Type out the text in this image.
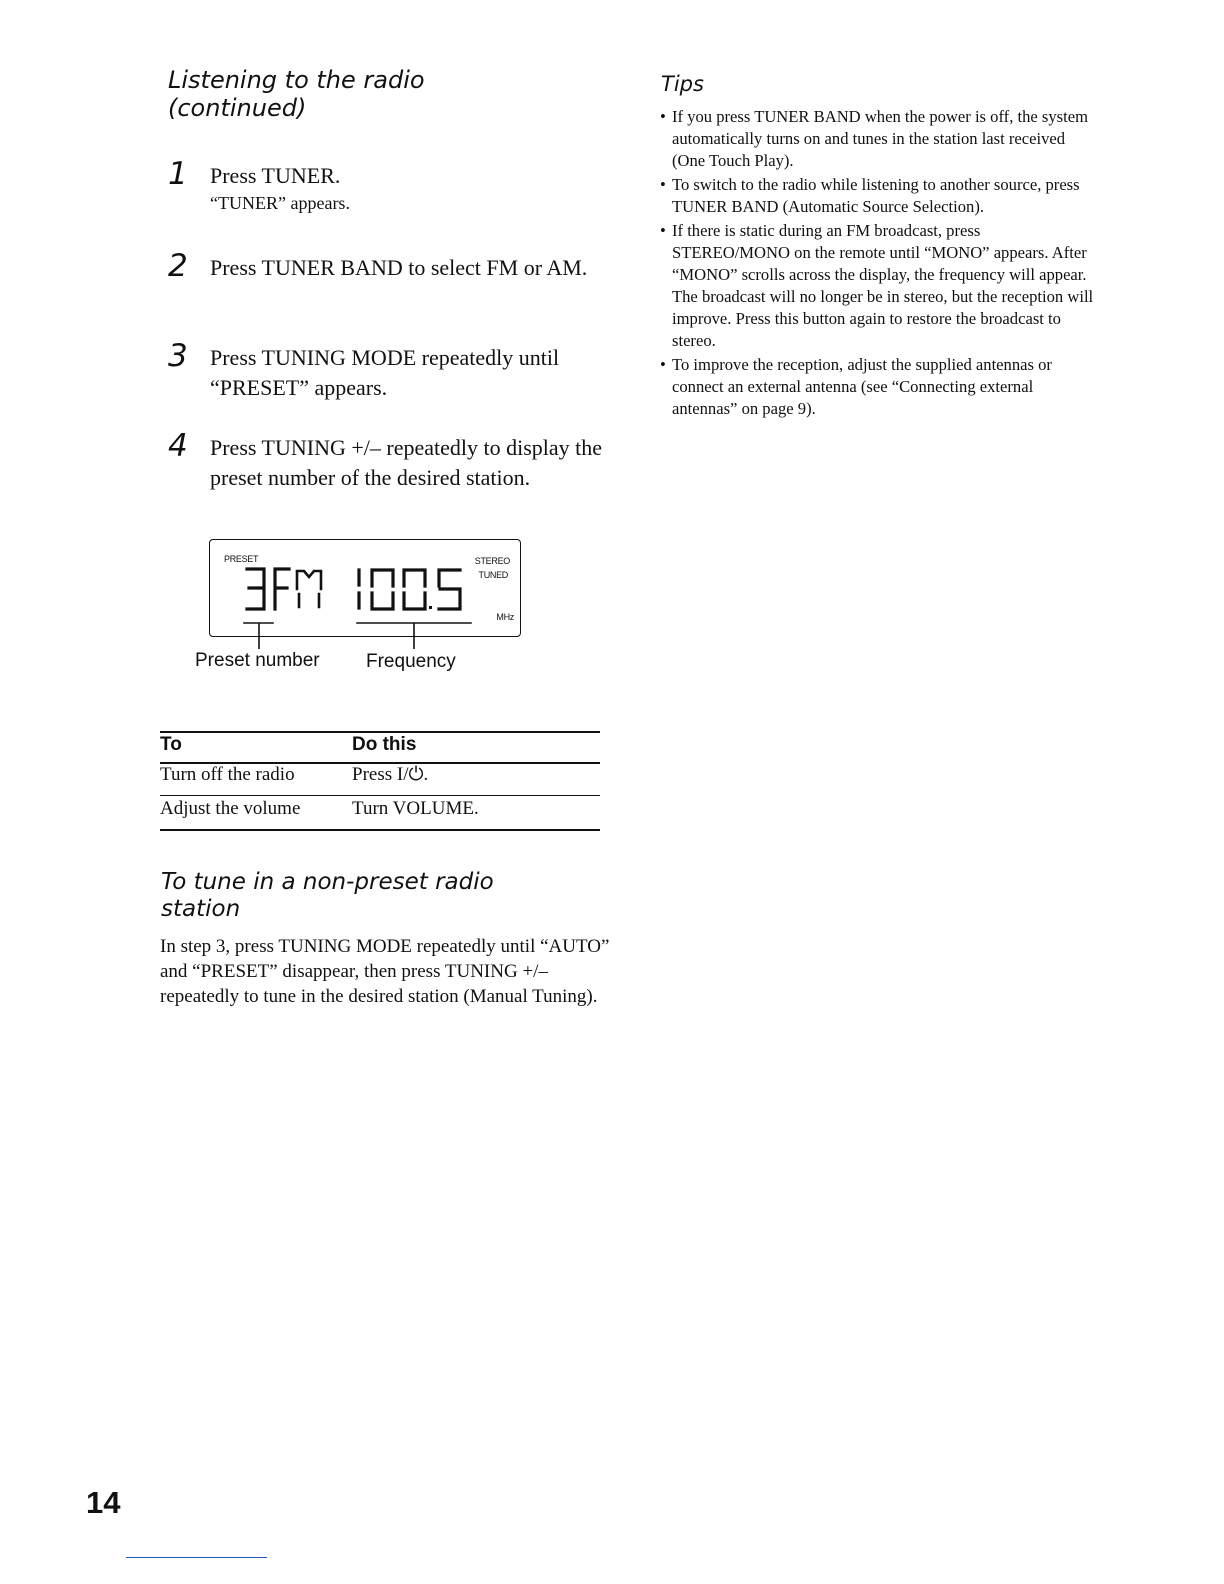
Listening to the radio
(continued)
1 Press TUNER.
“TUNER” appears.
2 Press TUNER BAND to select FM or AM.
3 Press TUNING MODE repeatedly until “PRESET” appears.
4 Press TUNING +/– repeatedly to display the preset number of the desired station.
PRESET	STEREO
TUNED
MHz
Preset number Frequency
To	Do this
Turn off the radio	Press I/⏻.
Adjust the volume	Turn VOLUME.
To tune in a non-preset radio
station

In step 3, press TUNING MODE repeatedly until “AUTO” and “PRESET” disappear, then press TUNING +/– repeatedly to tune in the desired station (Manual Tuning).

Tips
• If you press TUNER BAND when the power is off, the system automatically turns on and tunes in the station last received (One Touch Play).
• To switch to the radio while listening to another source, press TUNER BAND (Automatic Source Selection).
• If there is static during an FM broadcast, press STEREO/MONO on the remote until “MONO” appears. After “MONO” scrolls across the display, the frequency will appear. The broadcast will no longer be in stereo, but the reception will improve. Press this button again to restore the broadcast to stereo.
• To improve the reception, adjust the supplied antennas or connect an external antenna (see “Connecting external antennas” on page 9).
14
